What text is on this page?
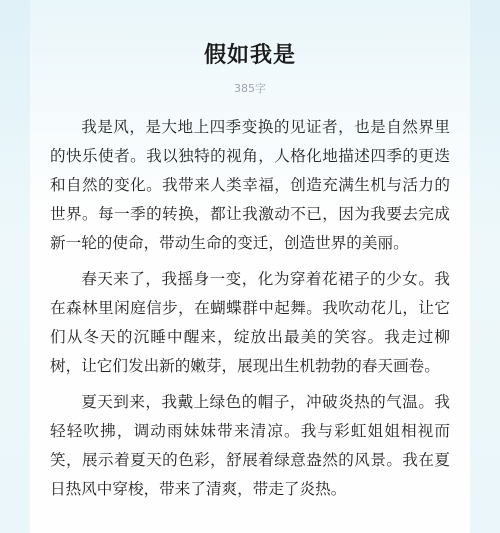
假如我是
385字

我是风，是大地上四季变换的见证者，也是自然界里的快乐使者。我以独特的视角，人格化地描述四季的更迭和自然的变化。我带来人类幸福，创造充满生机与活力的世界。每一季的转换，都让我激动不已，因为我要去完成新一轮的使命，带动生命的变迁，创造世界的美丽。

春天来了，我摇身一变，化为穿着花裙子的少女。我在森林里闲庭信步，在蝴蝶群中起舞。我吹动花儿，让它们从冬天的沉睡中醒来，绽放出最美的笑容。我走过柳树，让它们发出新的嫩芽，展现出生机勃勃的春天画卷。

夏天到来，我戴上绿色的帽子，冲破炎热的气温。我轻轻吹拂，调动雨妹妹带来清凉。我与彩虹姐姐相视而笑，展示着夏天的色彩，舒展着绿意盎然的风景。我在夏日热风中穿梭，带来了清爽，带走了炎热。
